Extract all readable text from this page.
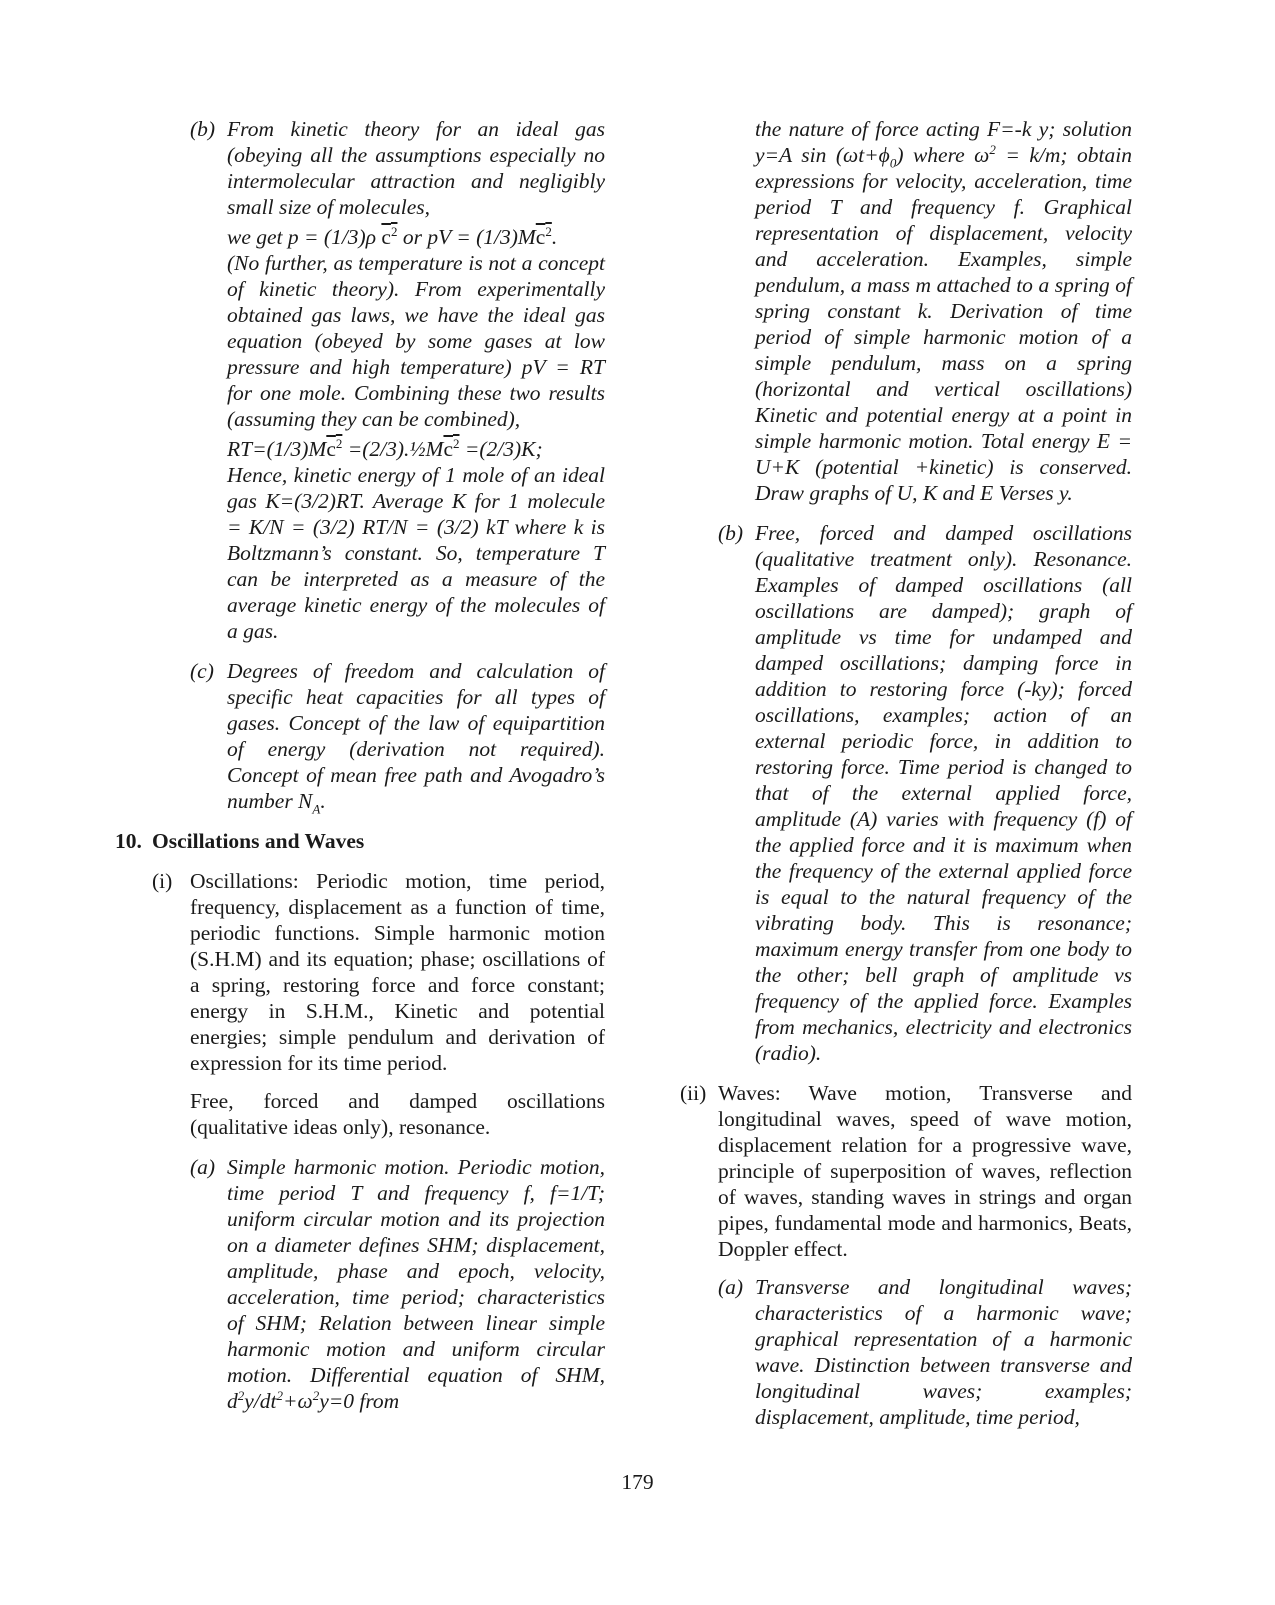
(b) From kinetic theory for an ideal gas (obeying all the assumptions especially no intermolecular attraction and negligibly small size of molecules,

we get p = (1/3)ρ $c^2$ or pV = $(1/3)Mc^2$.

(No further, as temperature is not a concept of kinetic theory). From experimentally obtained gas laws, we have the ideal gas equation (obeyed by some gases at low pressure and high temperature) pV = RT for one mole. Combining these two results (assuming they can be combined),

$RT=(1/3)Mc^2$ $=(2/3).\frac{1}{2}Mc^2 =(2/3)K$;

Hence, kinetic energy of 1 mole of an ideal gas K=(3/2)RT. Average K for 1 molecule = K/N = (3/2) RT/N = (3/2) kT where k is Boltzmann’s constant. So, temperature T can be interpreted as a measure of the average kinetic energy of the molecules of a gas.

(c) Degrees of freedom and calculation of specific heat capacities for all types of gases. Concept of the law of equipartition of energy (derivation not required). Concept of mean free path and Avogadro’s number $N_A$.

10. Oscillations and Waves
(i) Oscillations: Periodic motion, time period, frequency, displacement as a function of time, periodic functions. Simple harmonic motion (S.H.M) and its equation; phase; oscillations of a spring, restoring force and force constant; energy in S.H.M., Kinetic and potential energies; simple pendulum and derivation of expression for its time period.

Free, forced and damped oscillations (qualitative ideas only), resonance.

(a) Simple harmonic motion. Periodic motion, time period T and frequency f, f=1/T; uniform circular motion and its projection on a diameter defines SHM; displacement, amplitude, phase and epoch, velocity, acceleration, time period; characteristics of SHM; Relation between linear simple harmonic motion and uniform circular motion. Differential equation of SHM, $d^2y/dt^2+\omega^2y=0$ from

the nature of force acting F=-k y; solution y=A $\sin (\omega t+\phi_0)$ where $\omega^2 = k/m$; obtain expressions for velocity, acceleration, time period T and frequency f. Graphical representation of displacement, velocity and acceleration. Examples, simple pendulum, a mass m attached to a spring of spring constant k. Derivation of time period of simple harmonic motion of a simple pendulum, mass on a spring (horizontal and vertical oscillations) Kinetic and potential energy at a point in simple harmonic motion. Total energy E = U+K (potential +kinetic) is conserved. Draw graphs of U, K and E Verses y.

(b) Free, forced and damped oscillations (qualitative treatment only). Resonance. Examples of damped oscillations (all oscillations are damped); graph of amplitude vs time for undamped and damped oscillations; damping force in addition to restoring force (-ky); forced oscillations, examples; action of an external periodic force, in addition to restoring force. Time period is changed to that of the external applied force, amplitude (A) varies with frequency (f) of the applied force and it is maximum when the frequency of the external applied force is equal to the natural frequency of the vibrating body. This is resonance; maximum energy transfer from one body to the other; bell graph of amplitude vs frequency of the applied force. Examples from mechanics, electricity and electronics (radio).

(ii) Waves: Wave motion, Transverse and longitudinal waves, speed of wave motion, displacement relation for a progressive wave, principle of superposition of waves, reflection of waves, standing waves in strings and organ pipes, fundamental mode and harmonics, Beats, Doppler effect.

(a) Transverse and longitudinal waves; characteristics of a harmonic wave; graphical representation of a harmonic wave. Distinction between transverse and longitudinal waves; examples; displacement, amplitude, time period,

179
